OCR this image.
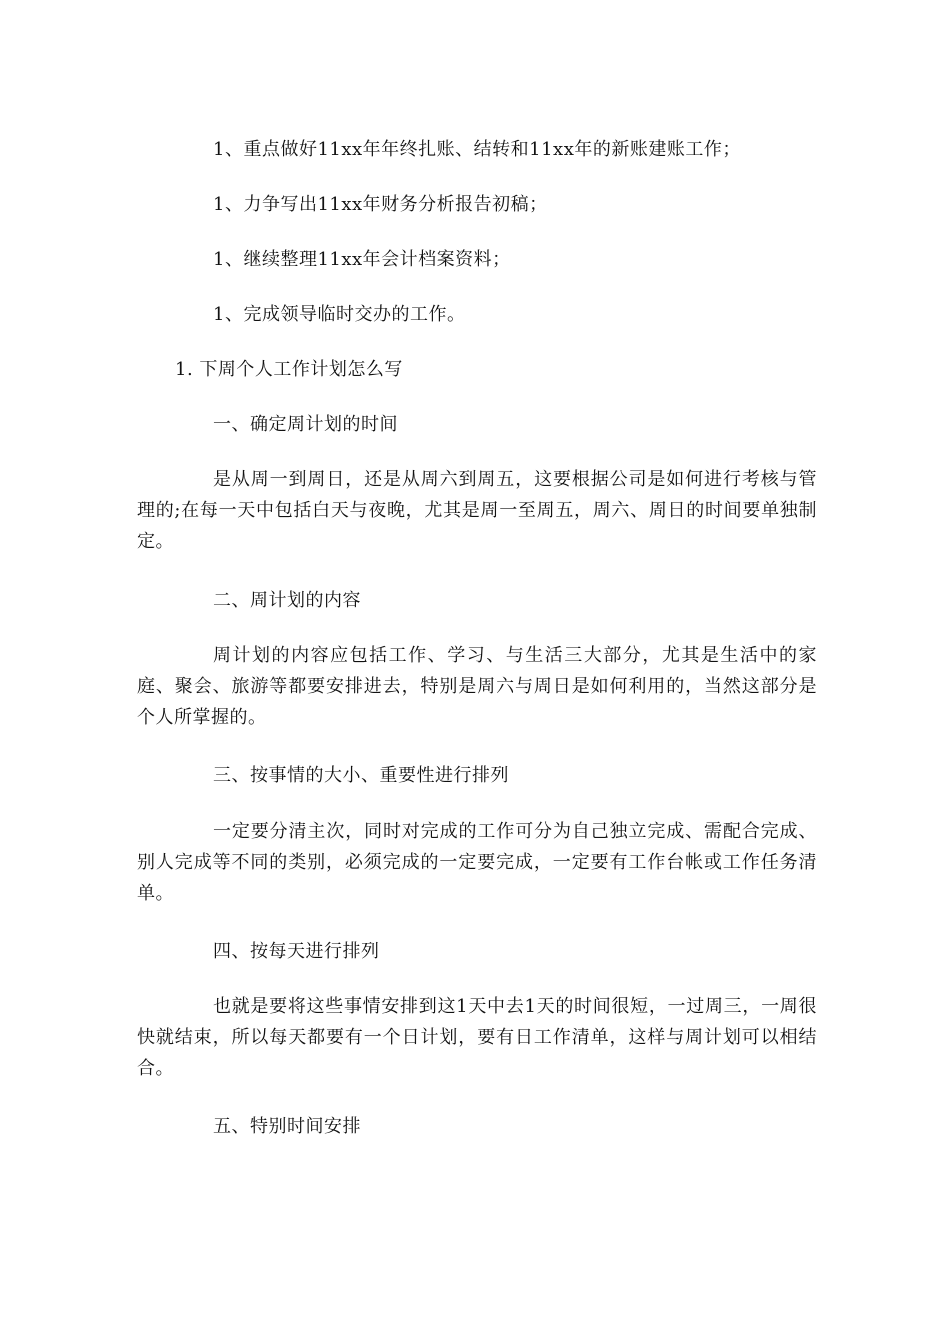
1、重点做好11xx年年终扎账、结转和11xx年的新账建账工作；
1、力争写出11xx年财务分析报告初稿；
1、继续整理11xx年会计档案资料；
1、完成领导临时交办的工作。
1. 下周个人工作计划怎么写
一、确定周计划的时间
是从周一到周日，还是从周六到周五，这要根据公司是如何进行考核与管理的;在每一天中包括白天与夜晚，尤其是周一至周五，周六、周日的时间要单独制定。
二、周计划的内容
周计划的内容应包括工作、学习、与生活三大部分，尤其是生活中的家庭、聚会、旅游等都要安排进去，特别是周六与周日是如何利用的，当然这部分是个人所掌握的。
三、按事情的大小、重要性进行排列
一定要分清主次，同时对完成的工作可分为自己独立完成、需配合完成、别人完成等不同的类别，必须完成的一定要完成，一定要有工作台帐或工作任务清单。
四、按每天进行排列
也就是要将这些事情安排到这1天中去1天的时间很短，一过周三，一周很快就结束，所以每天都要有一个日计划，要有日工作清单，这样与周计划可以相结合。
五、特别时间安排
